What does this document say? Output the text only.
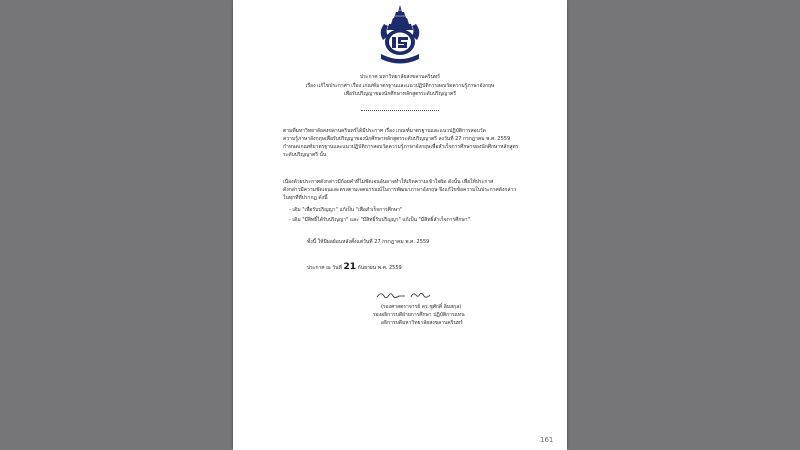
ประกาศ มหาวิทยาลัยสงขลานครินทร์
เรื่อง แก้ไขประกาศฯ เรื่อง เกณฑ์มาตรฐานและแนวปฏิบัติการสอบวัดความรู้ภาษาอังกฤษ
เพื่อรับปริญญาของนักศึกษาหลักสูตรระดับปริญญาตรี
ตามที่มหาวิทยาลัยสงขลานครินทร์ได้มีประกาศ เรื่อง เกณฑ์มาตรฐานและแนวปฏิบัติการสอบวัด
ความรู้ภาษาอังกฤษเพื่อรับปริญญาของนักศึกษาหลักสูตรระดับปริญญาตรี ลงวันที่ 27 กรกฎาคม พ.ศ. 2559
กำหนดเกณฑ์มาตรฐานและแนวปฏิบัติการสอบวัดความรู้ภาษาอังกฤษเพื่อสำเร็จการศึกษาของนักศึกษาหลักสูตร
ระดับปริญญาตรี นั้น
เนื่องด้วยประกาศดังกล่าวมีถ้อยคำที่ไม่ชัดเจนอันอาจทำให้เกิดความเข้าใจผิด ดังนั้น เพื่อให้ประกาศ
ดังกล่าวมีความชัดเจนและตรงตามเจตนารมณ์ในการพัฒนาภาษาอังกฤษ จึงแก้ไขข้อความในประกาศดังกล่าว
ในทุกที่ที่ปรากฏ ดังนี้
- เดิม "เพื่อรับปริญญา" แก้เป็น "เพื่อสำเร็จการศึกษา"
- เดิม "มีสิทธิ์ได้รับปริญญา" และ "มีสิทธิ์รับปริญญา" แก้เป็น "มีสิทธิ์สำเร็จการศึกษา"
ทั้งนี้ ให้มีผลย้อนหลังตั้งแต่วันที่ 27 กรกฎาคม พ.ศ. 2559
ประกาศ ณ วันที่ 21 กันยายน พ.ศ. 2559
(รองศาสตราจารย์ ดร.ชูศักดิ์ ลิ่มสกุล)
รองอธิการบดีฝ่ายการศึกษา ปฏิบัติการแทน
อธิการบดีมหาวิทยาลัยสงขลานครินทร์
161
